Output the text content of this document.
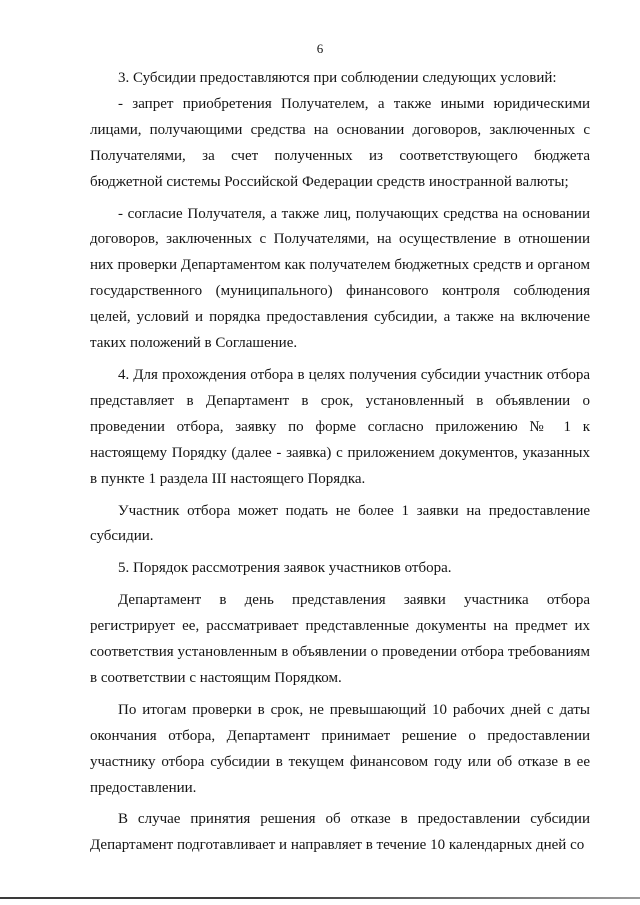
6

3. Субсидии предоставляются при соблюдении следующих условий:

- запрет приобретения Получателем, а также иными юридическими лицами, получающими средства на основании договоров, заключенных с Получателями, за счет полученных из соответствующего бюджета бюджетной системы Российской Федерации средств иностранной валюты;

- согласие Получателя, а также лиц, получающих средства на основании договоров, заключенных с Получателями, на осуществление в отношении них проверки Департаментом как получателем бюджетных средств и органом государственного (муниципального) финансового контроля соблюдения целей, условий и порядка предоставления субсидии, а также на включение таких положений в Соглашение.

4. Для прохождения отбора в целях получения субсидии участник отбора представляет в Департамент в срок, установленный в объявлении о проведении отбора, заявку по форме согласно приложению № 1 к настоящему Порядку (далее - заявка) с приложением документов, указанных в пункте 1 раздела III настоящего Порядка.

Участник отбора может подать не более 1 заявки на предоставление субсидии.

5. Порядок рассмотрения заявок участников отбора.

Департамент в день представления заявки участника отбора регистрирует ее, рассматривает представленные документы на предмет их соответствия установленным в объявлении о проведении отбора требованиям в соответствии с настоящим Порядком.

По итогам проверки в срок, не превышающий 10 рабочих дней с даты окончания отбора, Департамент принимает решение о предоставлении участнику отбора субсидии в текущем финансовом году или об отказе в ее предоставлении.

В случае принятия решения об отказе в предоставлении субсидии Департамент подготавливает и направляет в течение 10 календарных дней со
